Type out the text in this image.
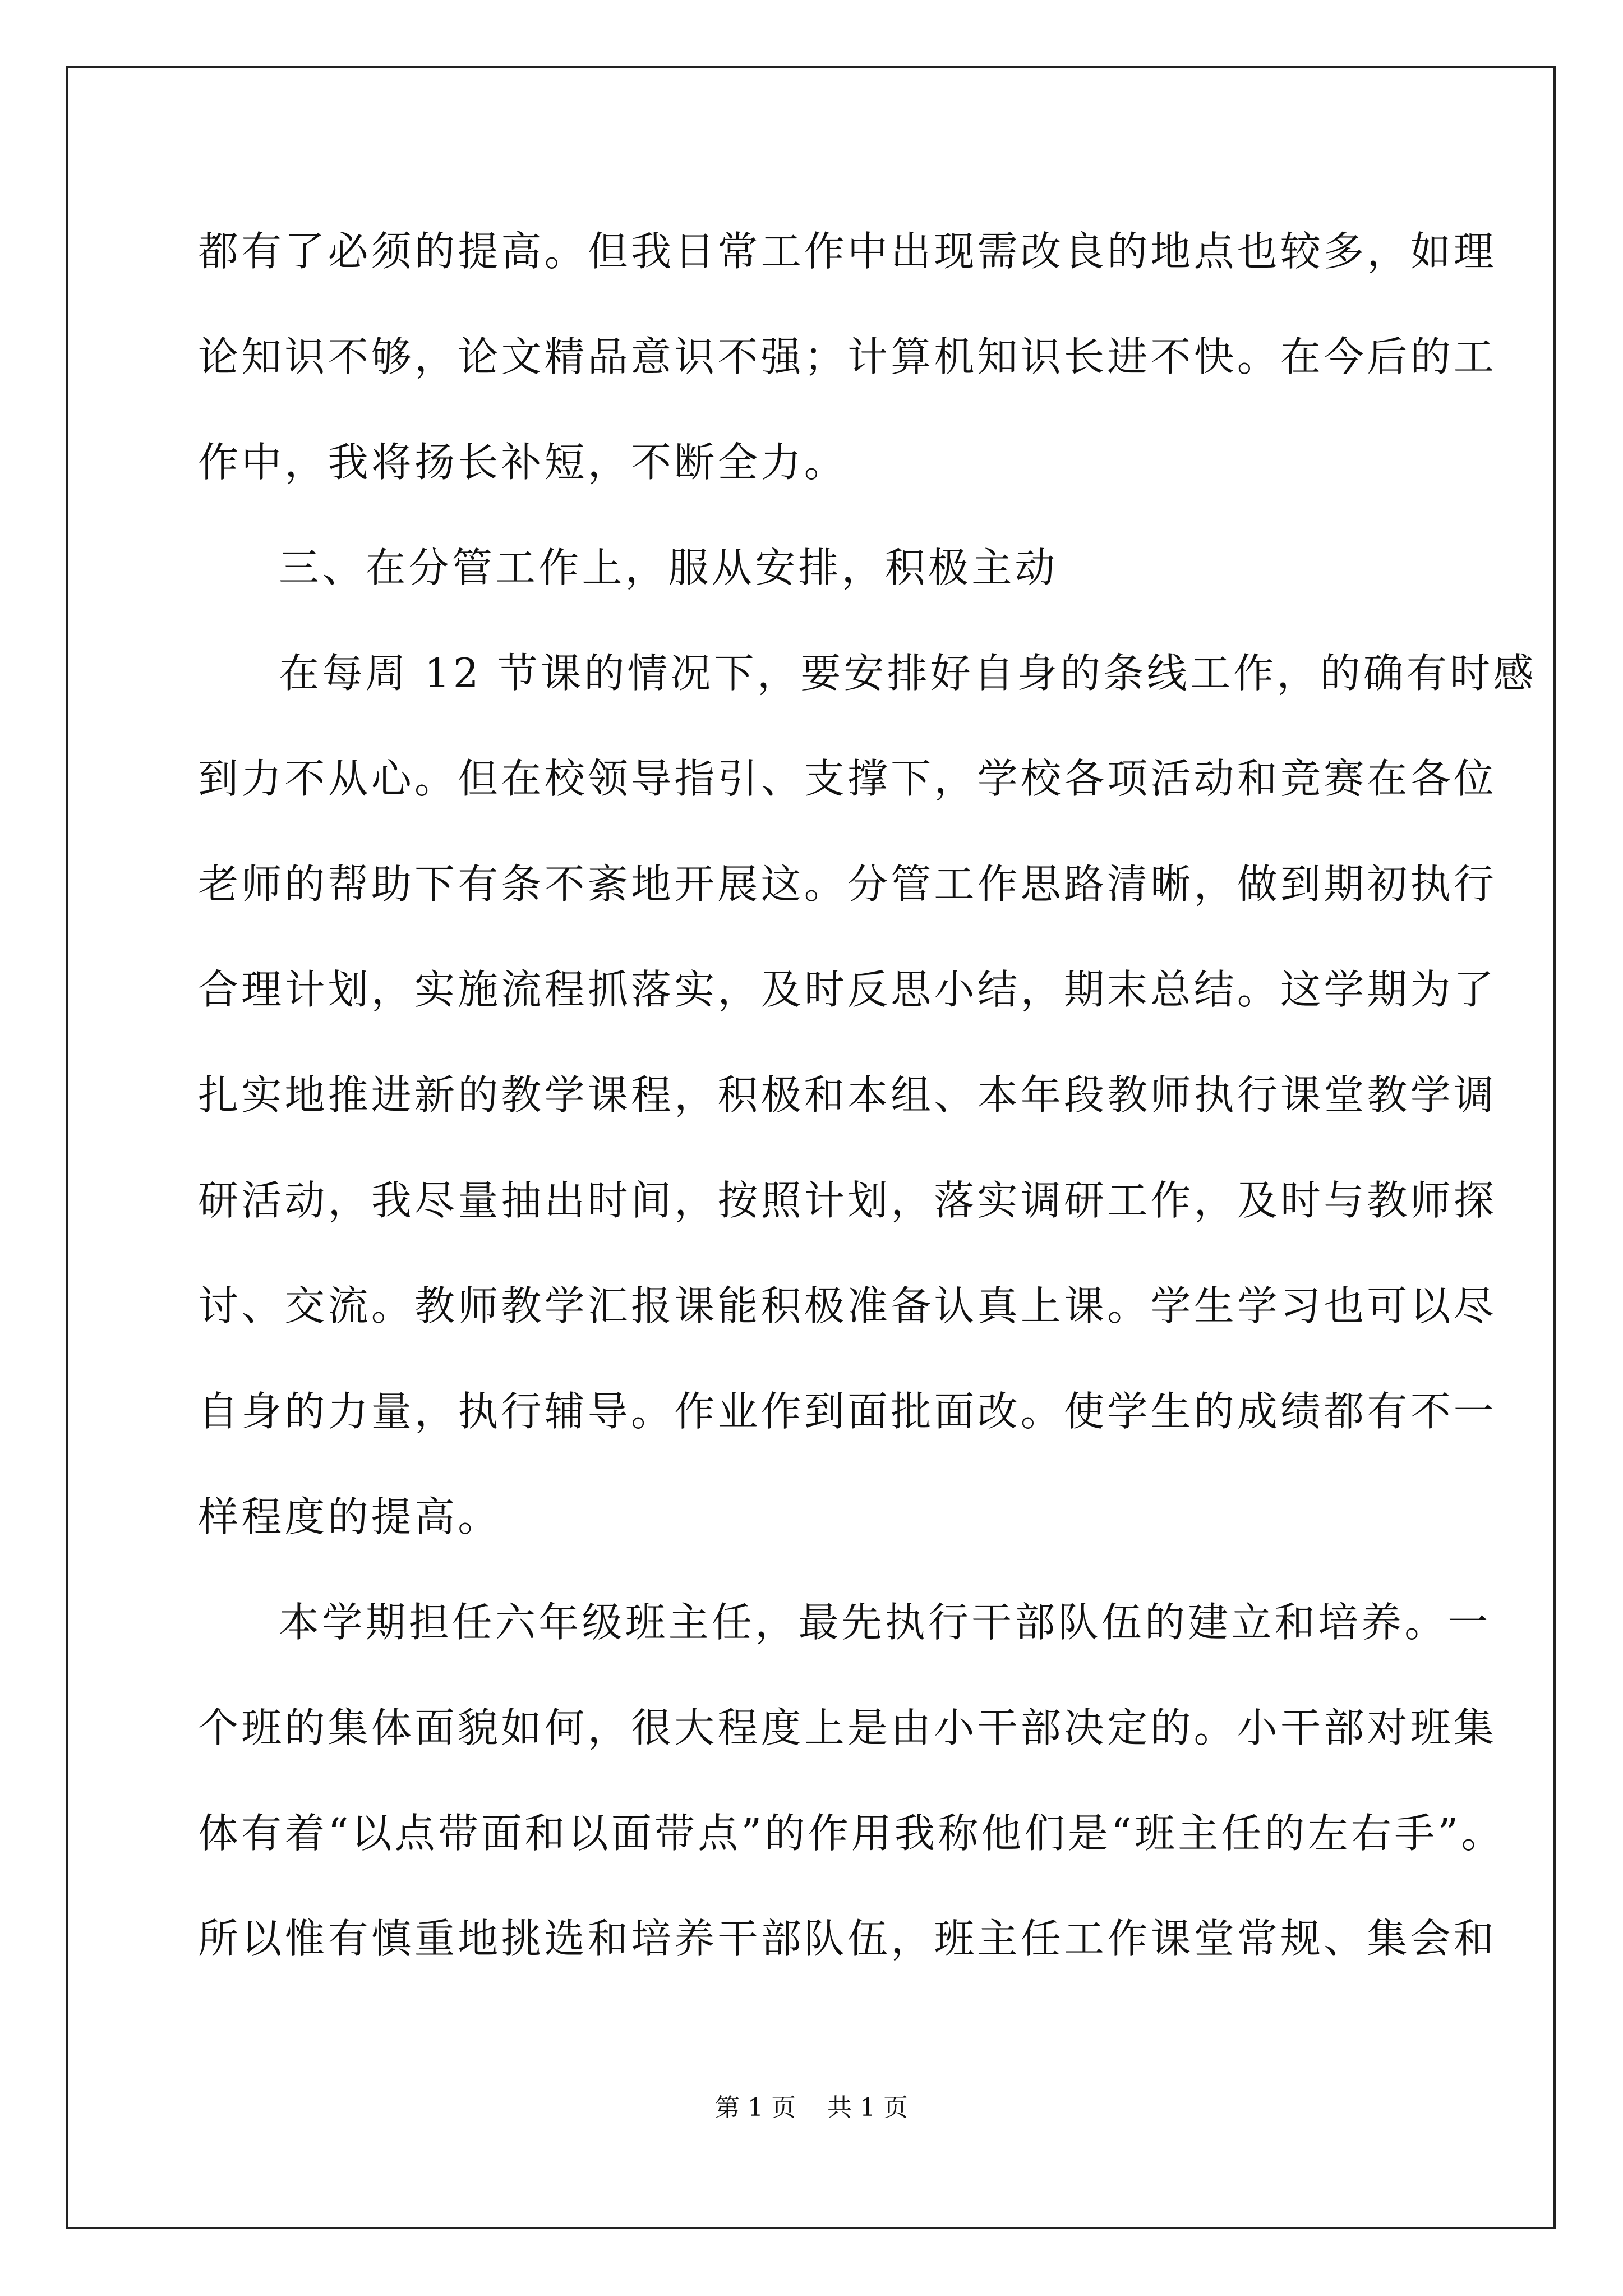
都有了必须的提高。但我日常工作中出现需改良的地点也较多，如理

论知识不够，论文精品意识不强；计算机知识长进不快。在今后的工

作中，我将扬长补短，不断全力。

三、在分管工作上，服从安排，积极主动

在每周 12 节课的情况下，要安排好自身的条线工作，的确有时感

到力不从心。但在校领导指引、支撑下，学校各项活动和竞赛在各位

老师的帮助下有条不紊地开展这。分管工作思路清晰，做到期初执行

合理计划，实施流程抓落实，及时反思小结，期末总结。这学期为了

扎实地推进新的教学课程，积极和本组、本年段教师执行课堂教学调

研活动，我尽量抽出时间，按照计划，落实调研工作，及时与教师探

讨、交流。教师教学汇报课能积极准备认真上课。学生学习也可以尽

自身的力量，执行辅导。作业作到面批面改。使学生的成绩都有不一

样程度的提高。

本学期担任六年级班主任，最先执行干部队伍的建立和培养。一

个班的集体面貌如何，很大程度上是由小干部决定的。小干部对班集

体有着“以点带面和以面带点”的作用我称他们是“班主任的左右手”。

所以惟有慎重地挑选和培养干部队伍，班主任工作课堂常规、集会和

第 1 页    共 1 页
